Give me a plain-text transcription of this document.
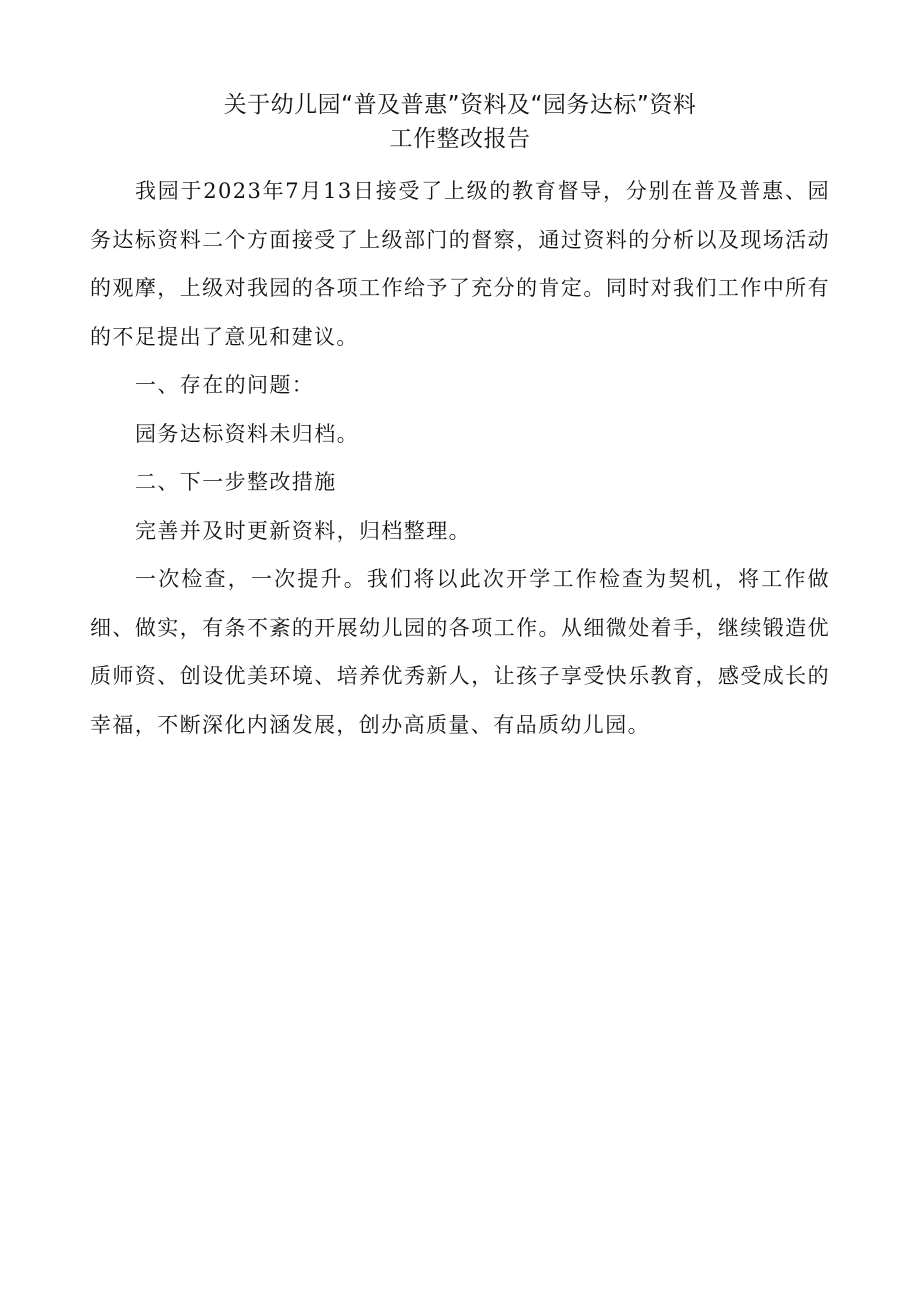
关于幼儿园“普及普惠”资料及“园务达标”资料
工作整改报告

我园于2023年7月13日接受了上级的教育督导，分别在普及普惠、园务达标资料二个方面接受了上级部门的督察，通过资料的分析以及现场活动的观摩，上级对我园的各项工作给予了充分的肯定。同时对我们工作中所有的不足提出了意见和建议。

一、存在的问题：

园务达标资料未归档。

二、下一步整改措施

完善并及时更新资料，归档整理。

一次检查，一次提升。我们将以此次开学工作检查为契机，将工作做细、做实，有条不紊的开展幼儿园的各项工作。从细微处着手，继续锻造优质师资、创设优美环境、培养优秀新人，让孩子享受快乐教育，感受成长的幸福，不断深化内涵发展，创办高质量、有品质幼儿园。
